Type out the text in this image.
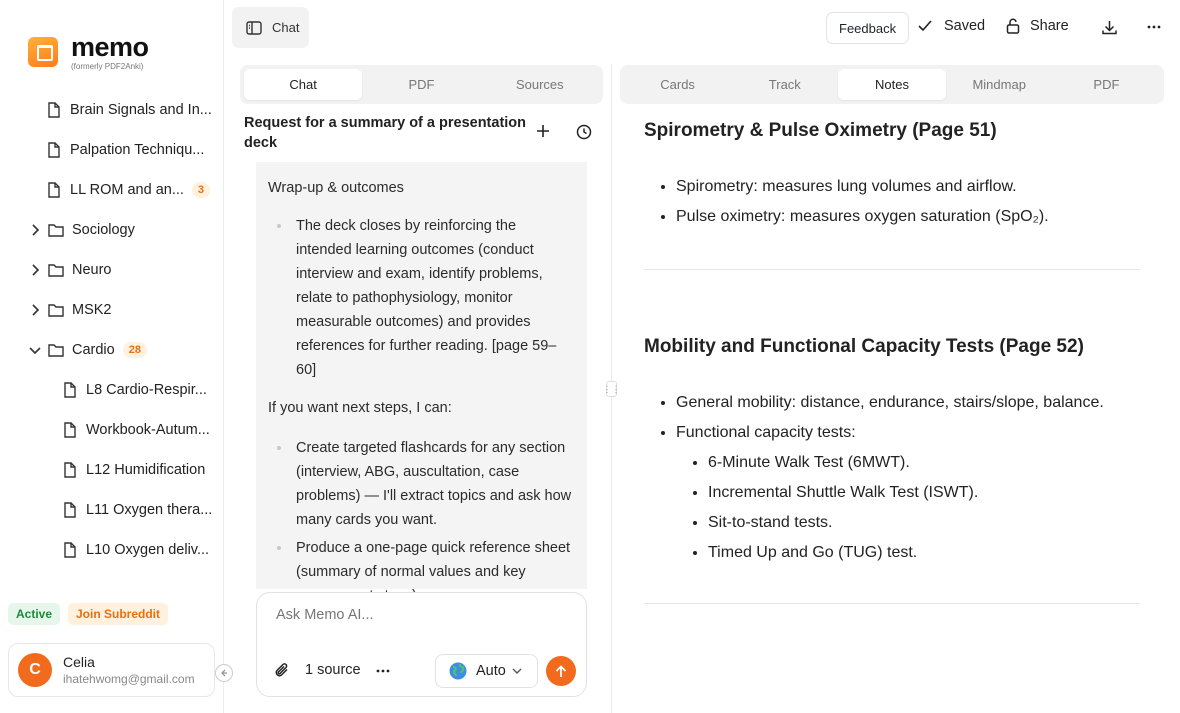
memo
(formerly PDF2Anki)
Brain Signals and In...
Palpation Techniqu...
LL ROM and an...	3
Sociology
Neuro
MSK2
Cardio	28
L8 Cardio-Respir...
Workbook-Autum...
L12 Humidification
L11 Oxygen thera...
L10 Oxygen deliv...
Active	Join Subreddit
C	Celia
ihatehwomg@gmail.com
Chat	Feedback	Saved	Share
Chat	PDF	Sources
Request for a summary of a presentation deck

Wrap-up & outcomes

The deck closes by reinforcing the intended learning outcomes (conduct interview and exam, identify problems, relate to pathophysiology, monitor measurable outcomes) and provides references for further reading. [page 59–60]

If you want next steps, I can:

Create targeted flashcards for any section (interview, ABG, auscultation, case problems) — I'll extract topics and ask how many cards you want.
Produce a one-page quick reference sheet (summary of normal values and key
Ask Memo AI...
1 source	Auto
⋮⋮
Cards	Track	Notes	Mindmap	PDF
Spirometry & Pulse Oximetry (Page 51)
• Spirometry: measures lung volumes and airflow.
• Pulse oximetry: measures oxygen saturation (SpO₂).
Mobility and Functional Capacity Tests (Page 52)
• General mobility: distance, endurance, stairs/slope, balance.
• Functional capacity tests:
• 6-Minute Walk Test (6MWT).
• Incremental Shuttle Walk Test (ISWT).
• Sit-to-stand tests.
• Timed Up and Go (TUG) test.
